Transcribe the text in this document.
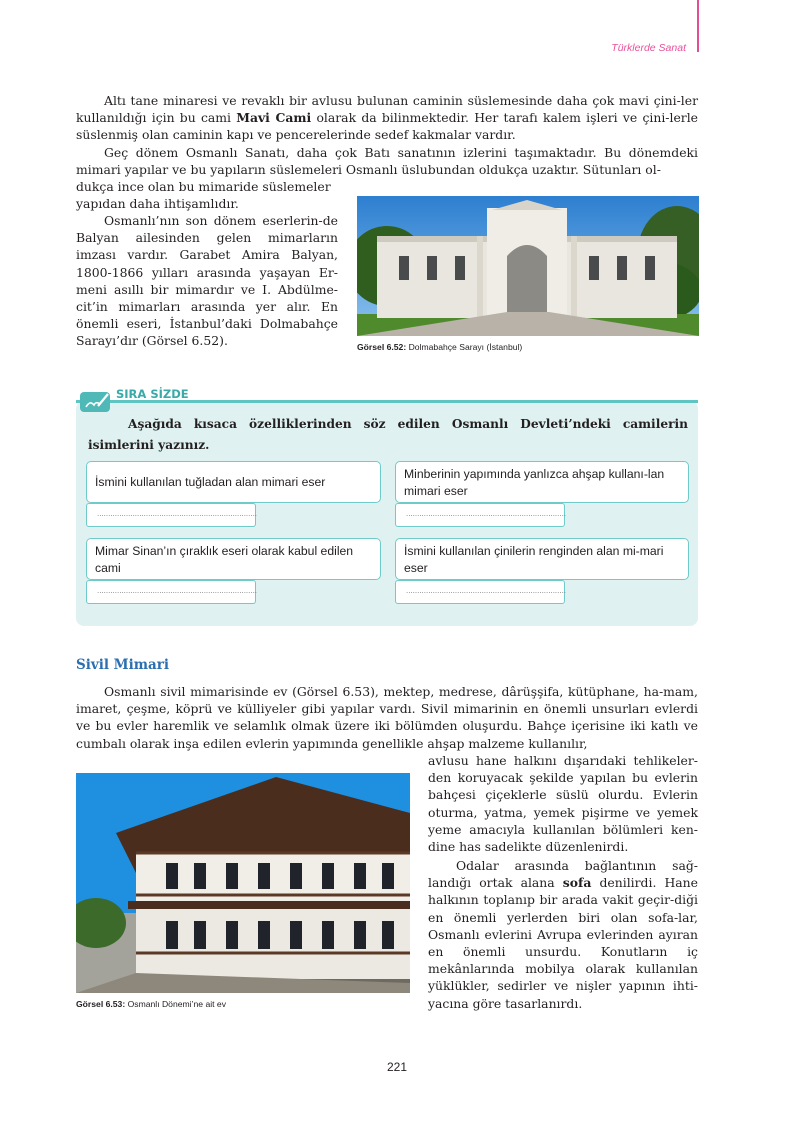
Türklerde Sanat

Altı tane minaresi ve revaklı bir avlusu bulunan caminin süslemesinde daha çok mavi çini-ler kullanıldığı için bu cami Mavi Cami olarak da bilinmektedir. Her tarafı kalem işleri ve çini-lerle süslenmiş olan caminin kapı ve pencerelerinde sedef kakmalar vardır.

Geç dönem Osmanlı Sanatı, daha çok Batı sanatının izlerini taşımaktadır. Bu dönemdeki mimari yapılar ve bu yapıların süslemeleri Osmanlı üslubundan oldukça uzaktır. Sütunları ol-

dukça ince olan bu mimaride süslemeler yapıdan daha ihtişamlıdır.

Osmanlı’nın son dönem eserlerin-de Balyan ailesinden gelen mimarların imzası vardır. Garabet Amira Balyan, 1800-1866 yılları arasında yaşayan Er-meni asıllı bir mimardır ve I. Abdülme-cit’in mimarları arasında yer alır. En önemli eseri, İstanbul’daki Dolmabahçe Sarayı’dır (Görsel 6.52).	Görsel 6.52: Dolmabahçe Sarayı (İstanbul)
SIRA SİZDE

Aşağıda kısaca özelliklerinden söz edilen Osmanlı Devleti’ndeki camilerin isimlerini yazınız.

İsmini kullanılan tuğladan alan mimari eser
........................................................................
Minberinin yapımında yanlızca ahşap kullanı-lan mimari eser
........................................................................
Mimar Sinan’ın çıraklık eseri olarak kabul edilen cami
........................................................................
İsmini kullanılan çinilerin renginden alan mi-mari eser
........................................................................
Sivil Mimari

Osmanlı sivil mimarisinde ev (Görsel 6.53), mektep, medrese, dârüşşifa, kütüphane, ha-mam, imaret, çeşme, köprü ve külliyeler gibi yapılar vardı. Sivil mimarinin en önemli unsurları evlerdi ve bu evler haremlik ve selamlık olmak üzere iki bölümden oluşurdu. Bahçe içerisine iki katlı ve cumbalı olarak inşa edilen evlerin yapımında genellikle ahşap malzeme kullanılır,

avlusu hane halkını dışarıdaki tehlikeler-den koruyacak şekilde yapılan bu evlerin bahçesi çiçeklerle süslü olurdu. Evlerin oturma, yatma, yemek pişirme ve yemek yeme amacıyla kullanılan bölümleri ken-dine has sadelikte düzenlenirdi.

Odalar arasında bağlantının sağ-landığı ortak alana sofa denilirdi. Hane halkının toplanıp bir arada vakit geçir-diği en önemli yerlerden biri olan sofa-lar, Osmanlı evlerini Avrupa evlerinden ayıran en önemli unsurdu. Konutların iç mekânlarında mobilya olarak kullanılan yüklükler, sedirler ve nişler yapının ihti-yacına göre tasarlanırdı.

Görsel 6.53: Osmanlı Dönemi’ne ait ev
221
